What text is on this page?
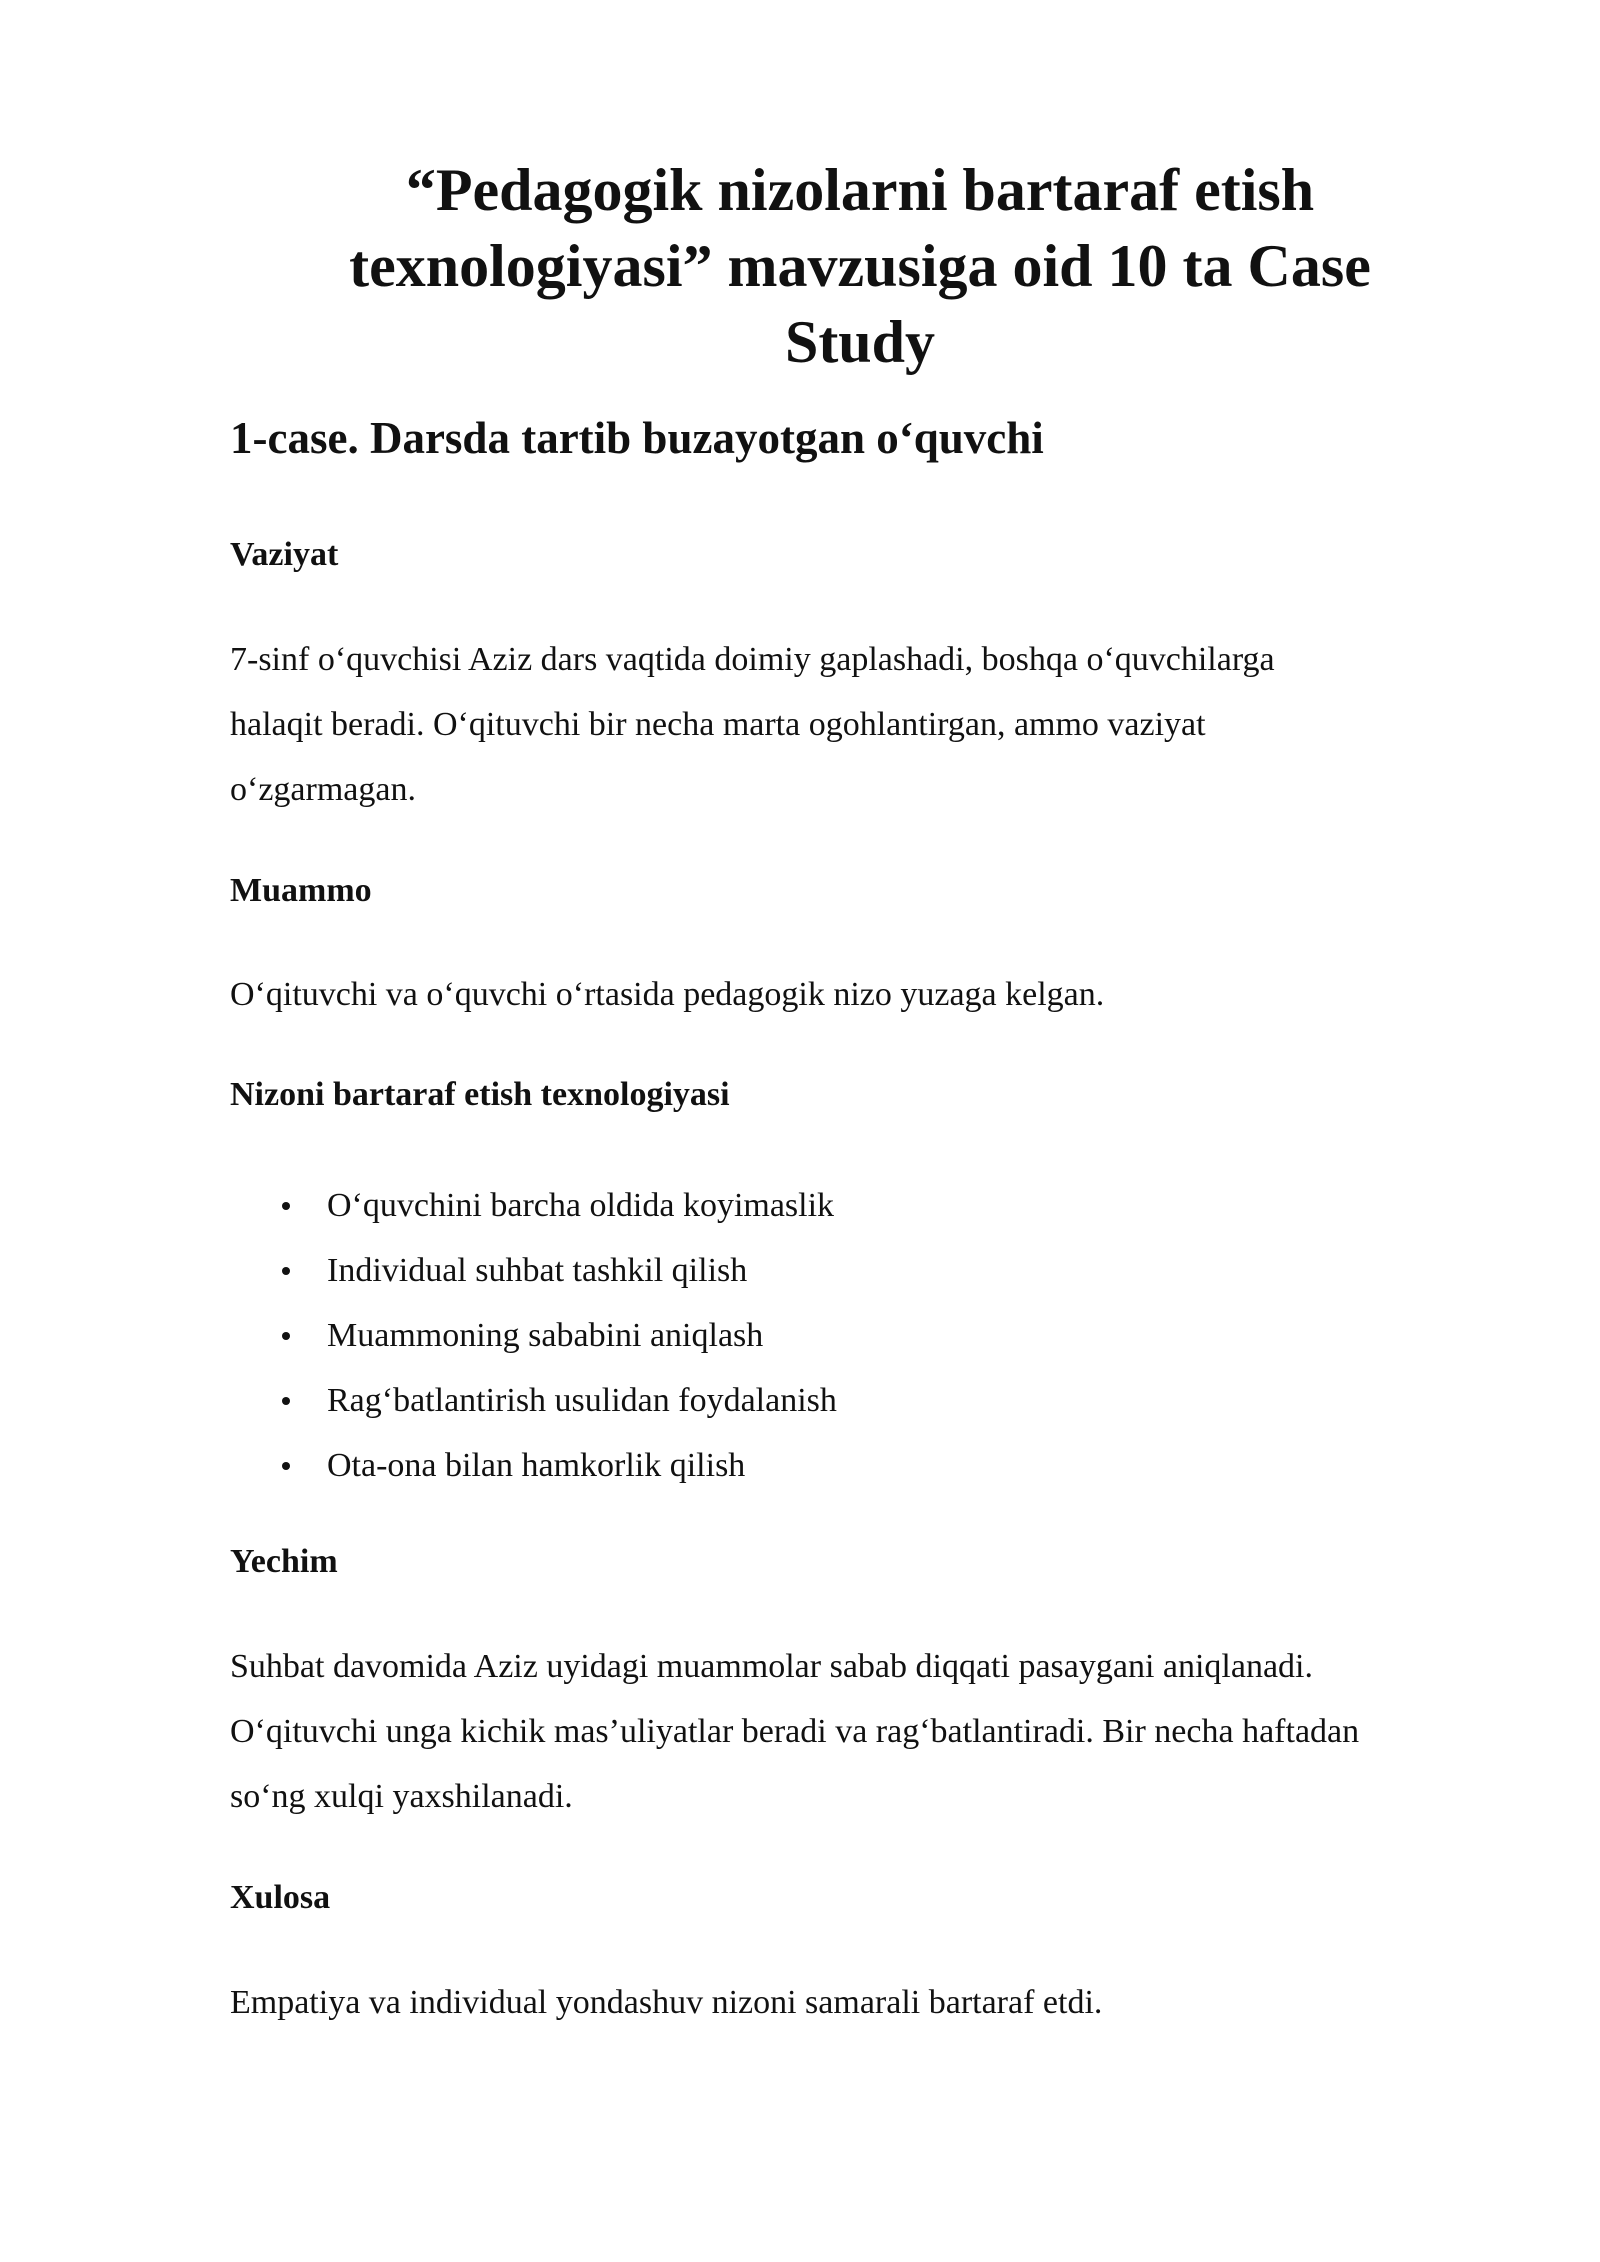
“Pedagogik nizolarni bartaraf etish
texnologiyasi” mavzusiga oid 10 ta Case
Study
1-case. Darsda tartib buzayotgan o‘quvchi
Vaziyat

7-sinf o‘quvchisi Aziz dars vaqtida doimiy gaplashadi, boshqa o‘quvchilarga
halaqit beradi. O‘qituvchi bir necha marta ogohlantirgan, ammo vaziyat
o‘zgarmagan.

Muammo

O‘qituvchi va o‘quvchi o‘rtasida pedagogik nizo yuzaga kelgan.

Nizoni bartaraf etish texnologiyasi
O‘quvchini barcha oldida koyimaslik
Individual suhbat tashkil qilish
Muammoning sababini aniqlash
Rag‘batlantirish usulidan foydalanish
Ota-ona bilan hamkorlik qilish
Yechim

Suhbat davomida Aziz uyidagi muammolar sabab diqqati pasaygani aniqlanadi.
O‘qituvchi unga kichik mas’uliyatlar beradi va rag‘batlantiradi. Bir necha haftadan
so‘ng xulqi yaxshilanadi.

Xulosa

Empatiya va individual yondashuv nizoni samarali bartaraf etdi.
